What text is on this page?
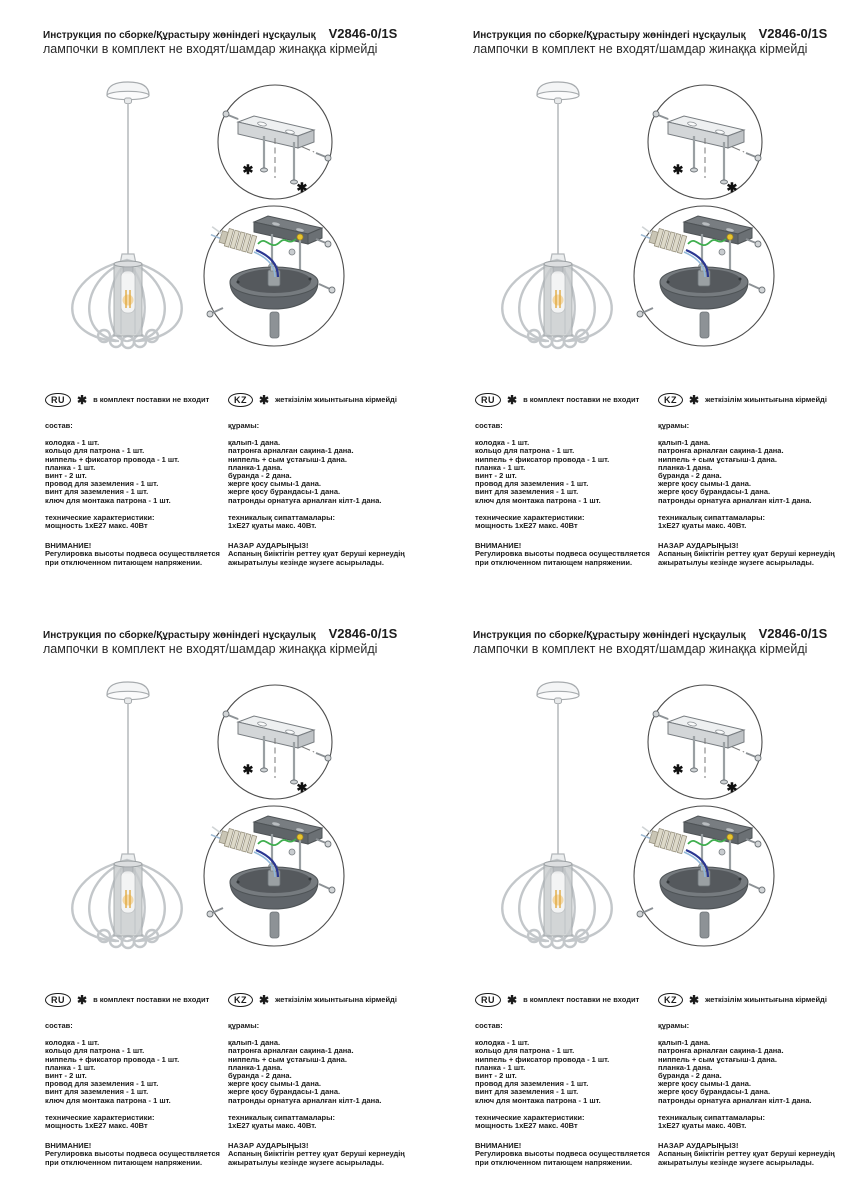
Инструкция по сборке/Құрастыру жөніндегі нұсқаулық V2846-0/1S
лампочки в комплект не входят/шамдар жинаққа кірмейді
✱
✱
RU	✱ в комплект поставки не входит
состав:
колодка - 1 шт.
кольцо для патрона - 1 шт.
ниппель + фиксатор провода - 1 шт.
планка - 1 шт.
винт - 2 шт.
провод для заземления - 1 шт.
винт для заземления - 1 шт.
ключ для монтажа патрона - 1 шт.
технические характеристики:
мощность 1хЕ27 макс. 40Вт
ВНИМАНИЕ!
Регулировка высоты подвеса осуществляется при отключенном питающем напряжении.
KZ	✱ жеткізілім жиынтығына кірмейді
құрамы:
қалып-1 дана.
патронға арналған сақина-1 дана.
ниппель + сым ұстағыш-1 дана.
планка-1 дана.
бұранда - 2 дана.
жерге қосу сымы-1 дана.
жерге қосу бұрандасы-1 дана.
патронды орнатуға арналған кілт-1 дана.
техникалық сипаттамалары:
1хЕ27 қуаты макс. 40Вт.
НАЗАР АУДАРЫҢЫЗ!
Аспаның биіктігін реттеу қуат беруші кернеудің ажыратылуы кезінде жүзеге асырылады.
Инструкция по сборке/Құрастыру жөніндегі нұсқаулық V2846-0/1S
лампочки в комплект не входят/шамдар жинаққа кірмейді
✱
✱
RU	✱ в комплект поставки не входит
состав:
колодка - 1 шт.
кольцо для патрона - 1 шт.
ниппель + фиксатор провода - 1 шт.
планка - 1 шт.
винт - 2 шт.
провод для заземления - 1 шт.
винт для заземления - 1 шт.
ключ для монтажа патрона - 1 шт.
технические характеристики:
мощность 1хЕ27 макс. 40Вт
ВНИМАНИЕ!
Регулировка высоты подвеса осуществляется при отключенном питающем напряжении.
KZ	✱ жеткізілім жиынтығына кірмейді
құрамы:
қалып-1 дана.
патронға арналған сақина-1 дана.
ниппель + сым ұстағыш-1 дана.
планка-1 дана.
бұранда - 2 дана.
жерге қосу сымы-1 дана.
жерге қосу бұрандасы-1 дана.
патронды орнатуға арналған кілт-1 дана.
техникалық сипаттамалары:
1хЕ27 қуаты макс. 40Вт.
НАЗАР АУДАРЫҢЫЗ!
Аспаның биіктігін реттеу қуат беруші кернеудің ажыратылуы кезінде жүзеге асырылады.
Инструкция по сборке/Құрастыру жөніндегі нұсқаулық V2846-0/1S
лампочки в комплект не входят/шамдар жинаққа кірмейді
✱
✱
RU	✱ в комплект поставки не входит
состав:
колодка - 1 шт.
кольцо для патрона - 1 шт.
ниппель + фиксатор провода - 1 шт.
планка - 1 шт.
винт - 2 шт.
провод для заземления - 1 шт.
винт для заземления - 1 шт.
ключ для монтажа патрона - 1 шт.
технические характеристики:
мощность 1хЕ27 макс. 40Вт
ВНИМАНИЕ!
Регулировка высоты подвеса осуществляется при отключенном питающем напряжении.
KZ	✱ жеткізілім жиынтығына кірмейді
құрамы:
қалып-1 дана.
патронға арналған сақина-1 дана.
ниппель + сым ұстағыш-1 дана.
планка-1 дана.
бұранда - 2 дана.
жерге қосу сымы-1 дана.
жерге қосу бұрандасы-1 дана.
патронды орнатуға арналған кілт-1 дана.
техникалық сипаттамалары:
1хЕ27 қуаты макс. 40Вт.
НАЗАР АУДАРЫҢЫЗ!
Аспаның биіктігін реттеу қуат беруші кернеудің ажыратылуы кезінде жүзеге асырылады.
Инструкция по сборке/Құрастыру жөніндегі нұсқаулық V2846-0/1S
лампочки в комплект не входят/шамдар жинаққа кірмейді
✱
✱
RU	✱ в комплект поставки не входит
состав:
колодка - 1 шт.
кольцо для патрона - 1 шт.
ниппель + фиксатор провода - 1 шт.
планка - 1 шт.
винт - 2 шт.
провод для заземления - 1 шт.
винт для заземления - 1 шт.
ключ для монтажа патрона - 1 шт.
технические характеристики:
мощность 1хЕ27 макс. 40Вт
ВНИМАНИЕ!
Регулировка высоты подвеса осуществляется при отключенном питающем напряжении.
KZ	✱ жеткізілім жиынтығына кірмейді
құрамы:
қалып-1 дана.
патронға арналған сақина-1 дана.
ниппель + сым ұстағыш-1 дана.
планка-1 дана.
бұранда - 2 дана.
жерге қосу сымы-1 дана.
жерге қосу бұрандасы-1 дана.
патронды орнатуға арналған кілт-1 дана.
техникалық сипаттамалары:
1хЕ27 қуаты макс. 40Вт.
НАЗАР АУДАРЫҢЫЗ!
Аспаның биіктігін реттеу қуат беруші кернеудің ажыратылуы кезінде жүзеге асырылады.
